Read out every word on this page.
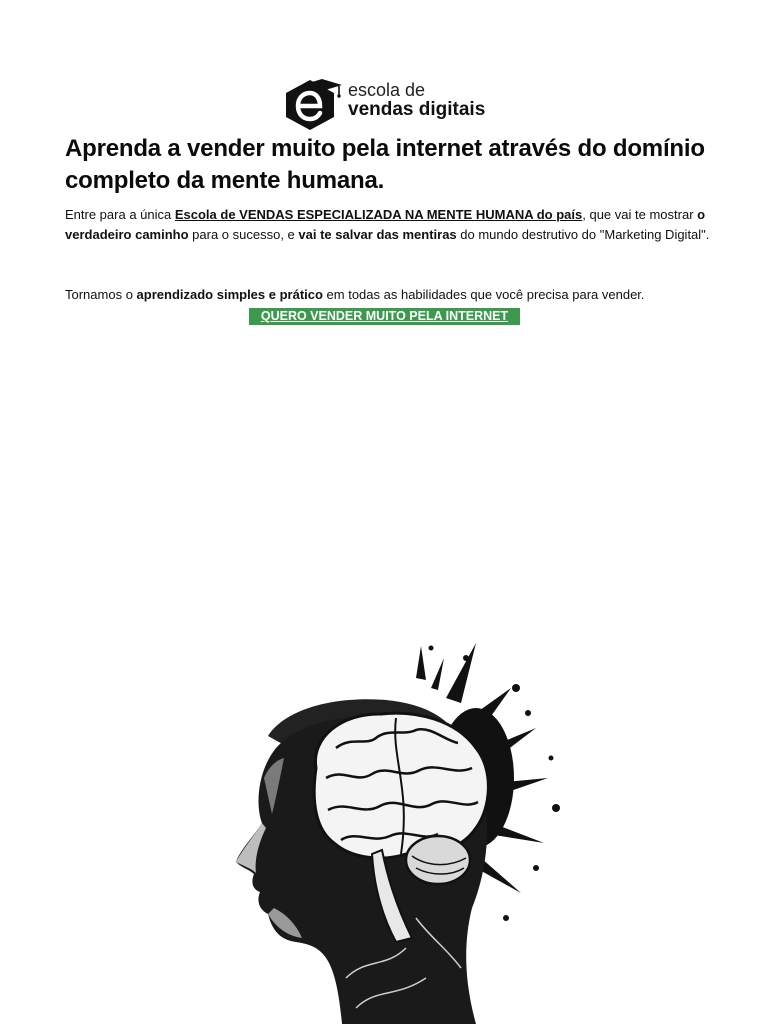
escola de
vendas digitais
Aprenda a vender muito pela internet através do domínio completo da mente humana.

Entre para a única Escola de VENDAS ESPECIALIZADA NA MENTE HUMANA do país, que vai te mostrar o verdadeiro caminho para o sucesso, e vai te salvar das mentiras do mundo destrutivo do "Marketing Digital".

Tornamos o aprendizado simples e prático em todas as habilidades que você precisa para vender.

QUERO VENDER MUITO PELA INTERNET
